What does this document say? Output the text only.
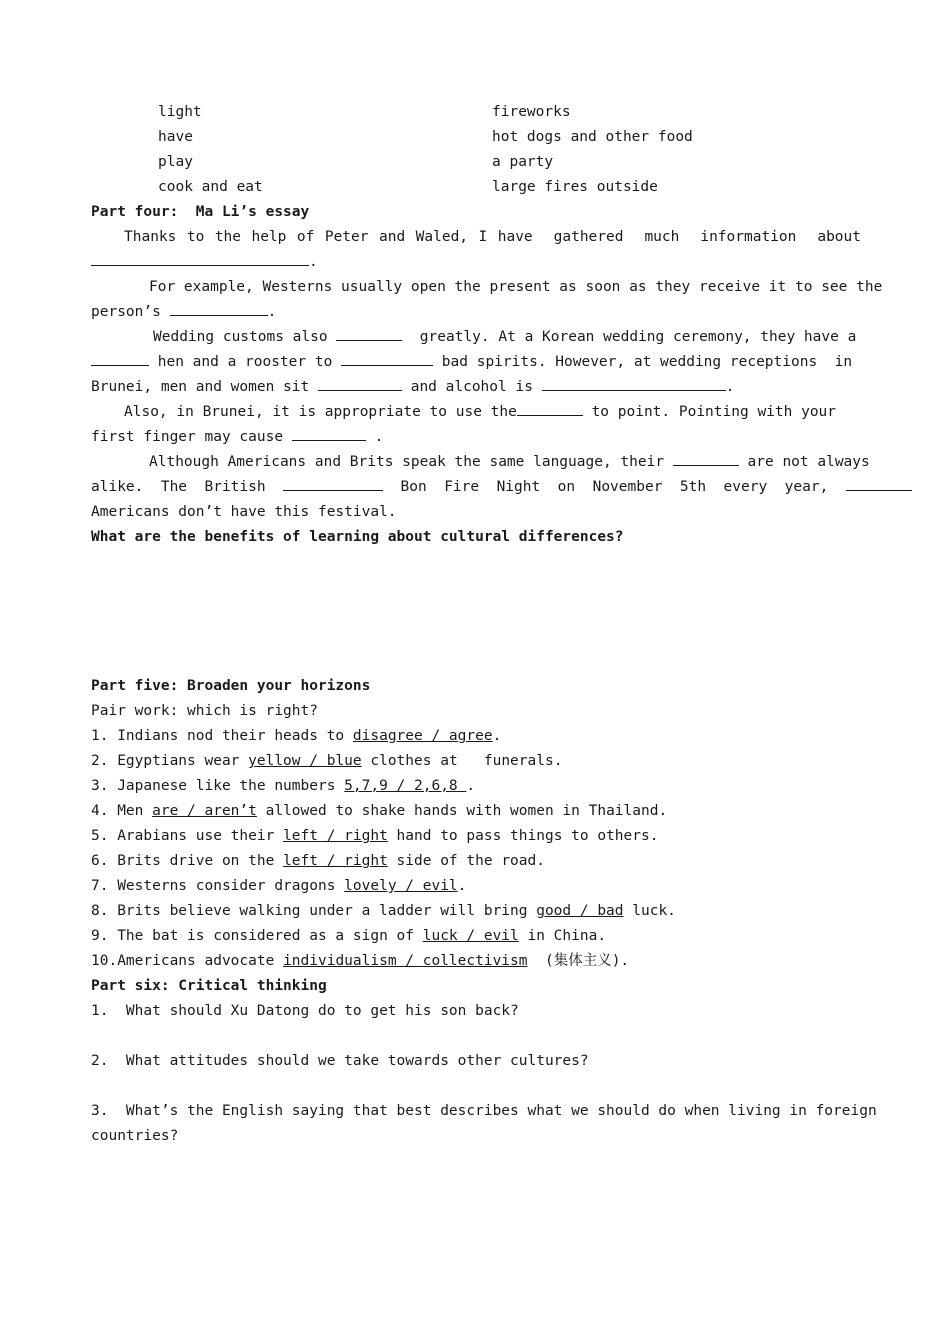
light	fireworks
have	hot dogs and other food
play	a party
cook and eat	large fires outside
Part four:  Ma Li’s essay
Thanks to the help of Peter and Waled, I have  gathered  much  information  about
.
For example, Westerns usually open the present as soon as they receive it to see the
person’s	.
Wedding customs also	greatly. At a Korean wedding ceremony, they have a
hen and a rooster to	bad spirits. However, at wedding receptions  in
Brunei, men and women sit	and alcohol is	.
Also, in Brunei, it is appropriate to use the	to point. Pointing with your
first finger may cause	.
Although Americans and Brits speak the same language, their	are not always
alike.  The  British	Bon  Fire  Night  on  November  5th  every  year,
Americans don’t have this festival.
What are the benefits of learning about cultural differences?
Part five: Broaden your horizons
Pair work: which is right?
1. Indians nod their heads to disagree / agree.
2. Egyptians wear yellow / blue clothes at   funerals.
3. Japanese like the numbers 5,7,9 / 2,6,8 .
4. Men are / aren’t allowed to shake hands with women in Thailand.
5. Arabians use their left / right hand to pass things to others.
6. Brits drive on the left / right side of the road.
7. Westerns consider dragons lovely / evil.
8. Brits believe walking under a ladder will bring good / bad luck.
9. The bat is considered as a sign of luck / evil in China.
10.Americans advocate individualism / collectivism  (集体主义).
Part six: Critical thinking
1.  What should Xu Datong do to get his son back?
2.  What attitudes should we take towards other cultures?
3.  What’s the English saying that best describes what we should do when living in foreign
countries?
